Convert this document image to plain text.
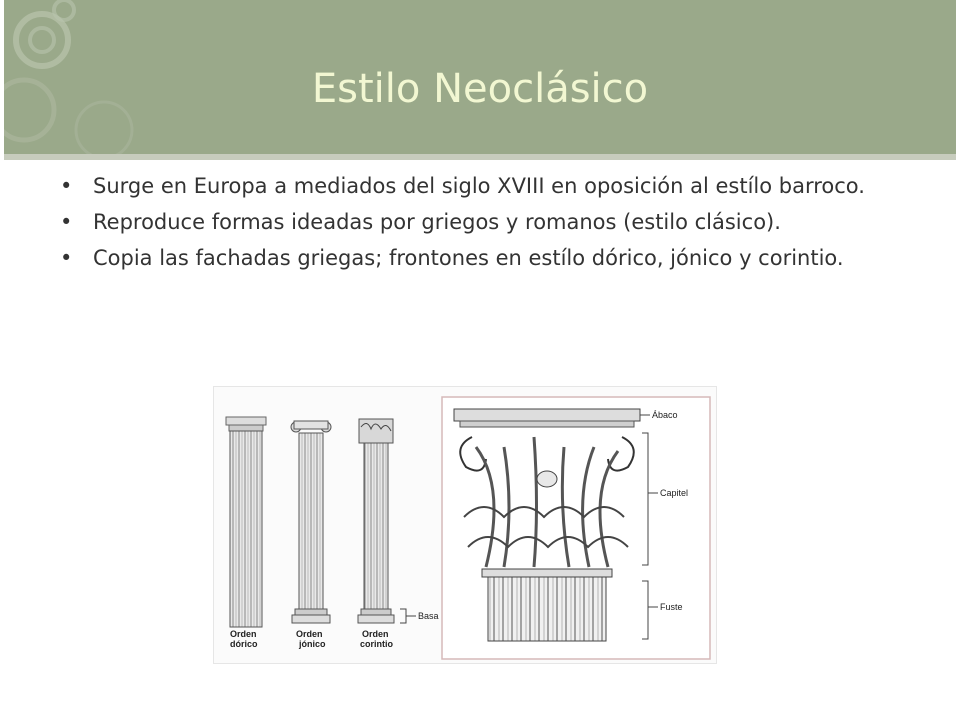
Estilo Neoclásico
• Surge en Europa a mediados del siglo XVIII en oposición al estílo barroco.
• Reproduce formas ideadas por griegos y romanos (estilo clásico).
• Copia las fachadas griegas; frontones en estílo dórico, jónico y corintio.
Basa
Orden
dórico
Orden
jónico
Orden
corintio
Ábaco
Capitel
Fuste
